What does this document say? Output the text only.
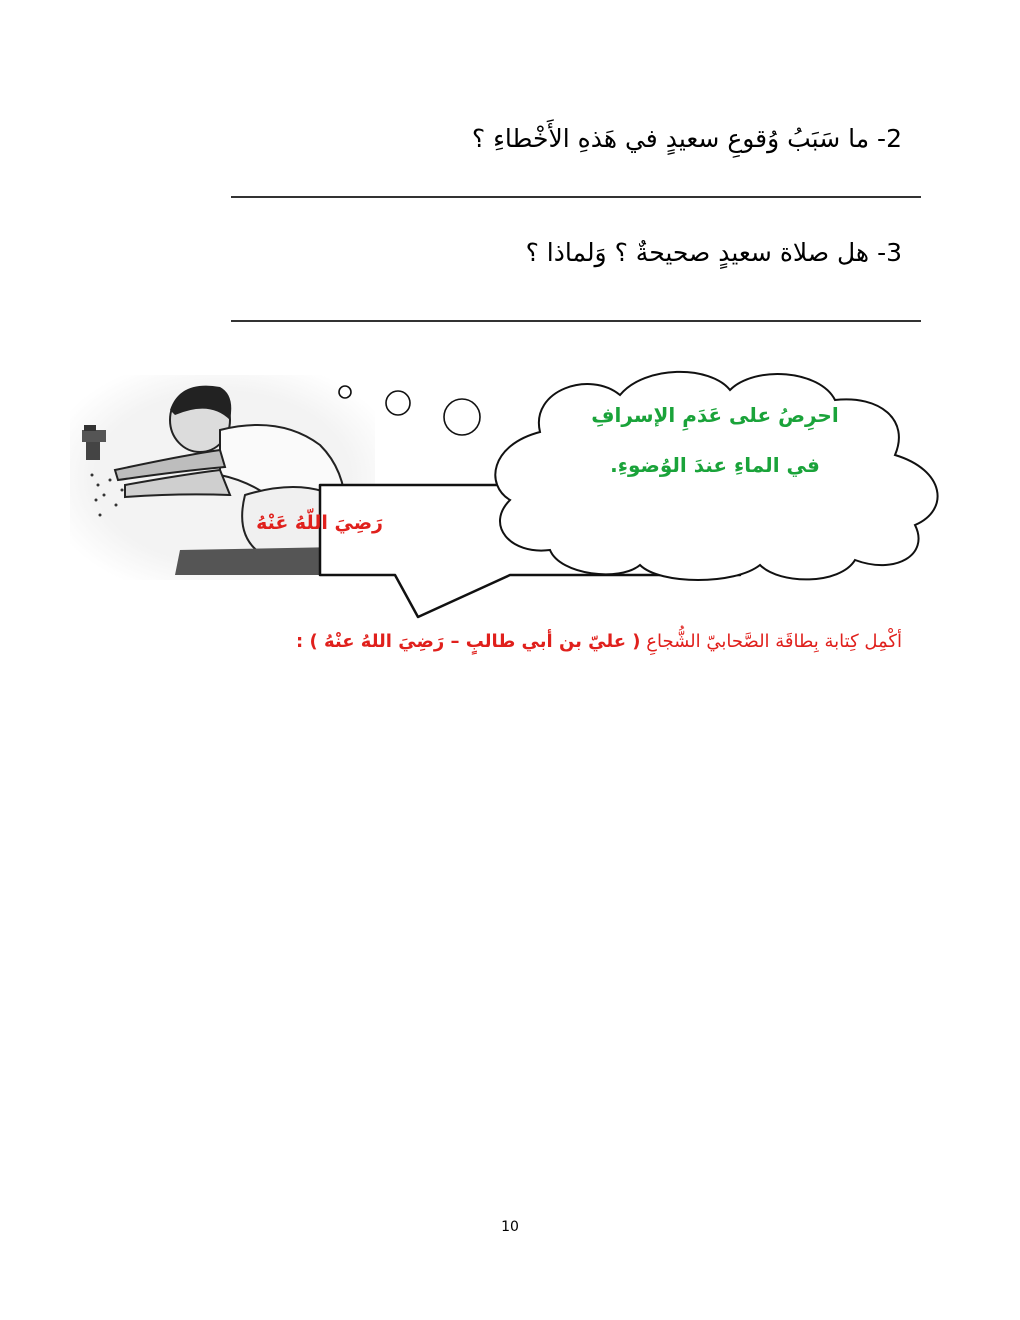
2- ما سَبَبُ وُقوعِ سعيدٍ في هَذهِ الأَخْطاءِ ؟
3- هل صلاة سعيدٍ صحيحةٌ ؟ وَلماذا ؟
رَضِيَ اللّهُ عَنْهُ
احرِصُ على عَدَمِ الإسرافِ
في الماءِ عندَ الوُضوءِ.
أكْمِل كِتابة بِطاقَة الصَّحابيّ الشُّجاعِ ( عليّ بن أبي طالبٍ – رَضِيَ اللهُ عنْهُ ) :
10
